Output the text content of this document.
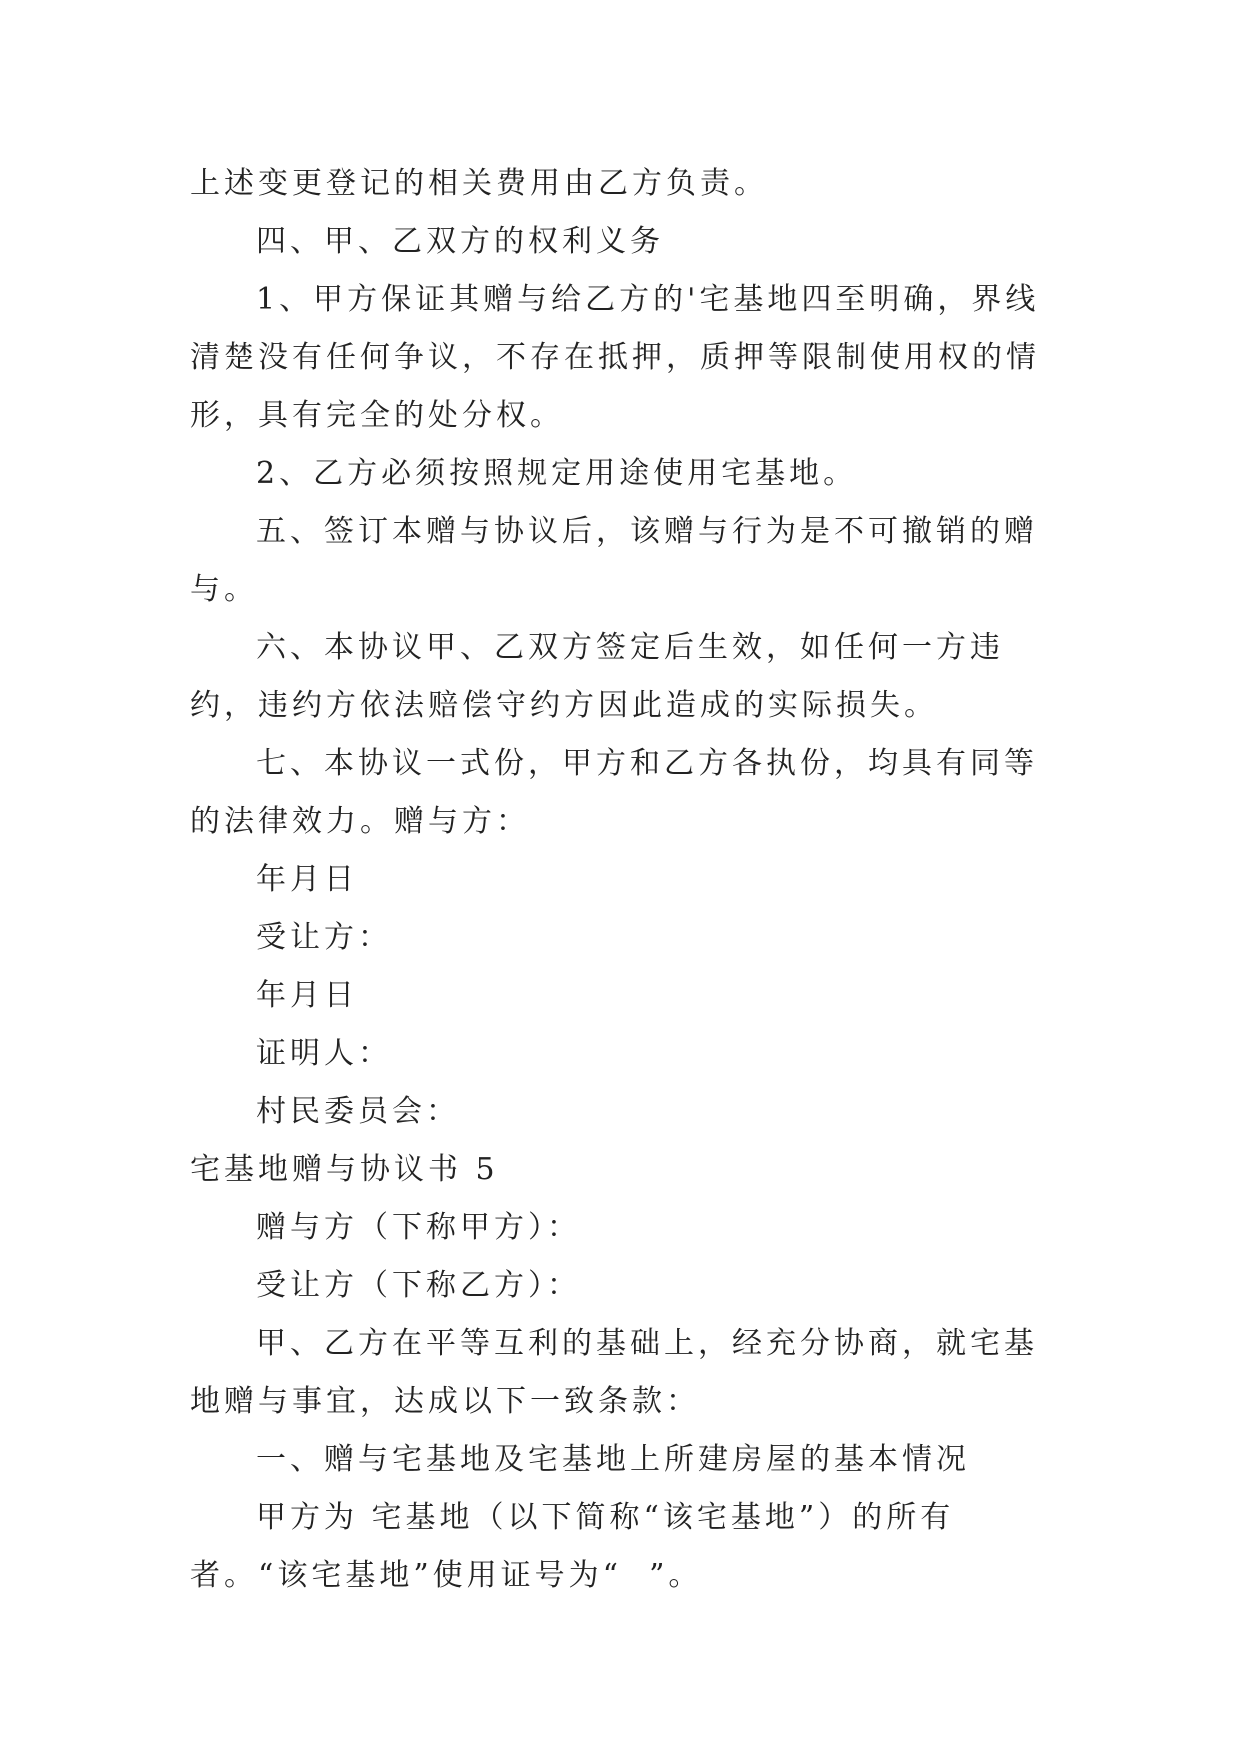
上述变更登记的相关费用由乙方负责。

四、甲、乙双方的权利义务

1、甲方保证其赠与给乙方的'宅基地四至明确，界线清楚没有任何争议，不存在抵押，质押等限制使用权的情形，具有完全的处分权。

2、乙方必须按照规定用途使用宅基地。

五、签订本赠与协议后，该赠与行为是不可撤销的赠与。

六、本协议甲、乙双方签定后生效，如任何一方违约，违约方依法赔偿守约方因此造成的实际损失。

七、本协议一式份，甲方和乙方各执份，均具有同等的法律效力。赠与方：

年月日

受让方：

年月日

证明人：

村民委员会：

宅基地赠与协议书 5

赠与方（下称甲方）：

受让方（下称乙方）：

甲、乙方在平等互利的基础上，经充分协商，就宅基地赠与事宜，达成以下一致条款：

一、赠与宅基地及宅基地上所建房屋的基本情况

甲方为 宅基地（以下简称“该宅基地”）的所有者。“该宅基地”使用证号为“  ”。
